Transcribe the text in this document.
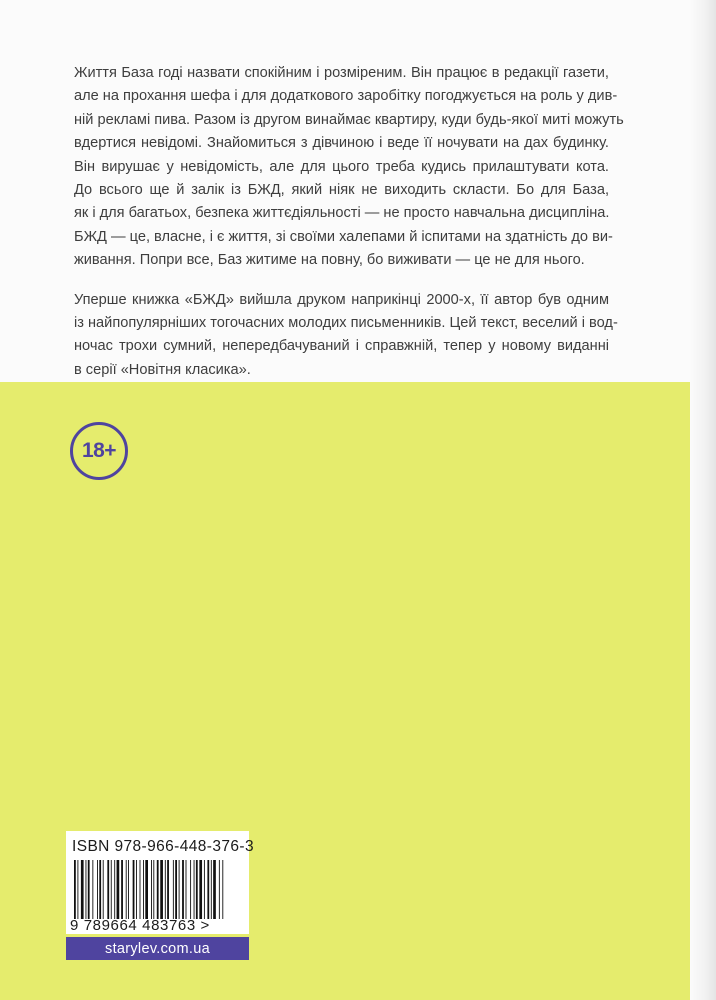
Життя База годі назвати спокійним і розміреним. Він працює в редакції газети,
але на прохання шефа і для додаткового заробітку погоджується на роль у див-
ній рекламі пива. Разом із другом винаймає квартиру, куди будь-якої миті можуть
вдертися невідомі. Знайомиться з дівчиною і веде її ночувати на дах будинку.
Він вирушає у невідомість, але для цього треба кудись прилаштувати кота.
До всього ще й залік із БЖД, який ніяк не виходить скласти. Бо для База,
як і для багатьох, безпека життєдіяльності — не просто навчальна дисципліна.
БЖД — це, власне, і є життя, зі своїми халепами й іспитами на здатність до ви-
живання. Попри все, Баз житиме на повну, бо виживати — це не для нього.
Уперше книжка «БЖД» вийшла друком наприкінці 2000-х, її автор був одним
із найпопулярніших тогочасних молодих письменників. Цей текст, веселий і вод-
ночас трохи сумний, непередбачуваний і справжній, тепер у новому виданні
в серії «Новітня класика».
18+
ISBN 978-966-448-376-3
9 789664 483763 >
starylev.com.ua
